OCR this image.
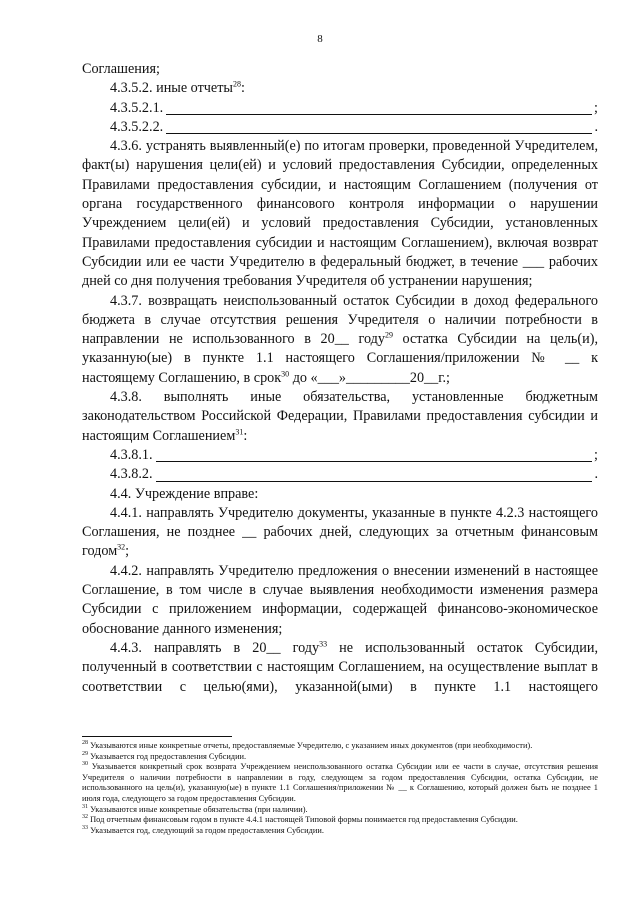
8

Соглашения;

4.3.5.2. иные отчеты$^{28}$:

4.3.5.2.1.	;
4.3.5.2.2.	.

4.3.6. устранять выявленный(е) по итогам проверки, проведенной Учредителем, факт(ы) нарушения цели(ей) и условий предоставления Субсидии, определенных Правилами предоставления субсидии, и настоящим Соглашением (получения от органа государственного финансового контроля информации о нарушении Учреждением цели(ей) и условий предоставления Субсидии, установленных Правилами предоставления субсидии и настоящим Соглашением), включая возврат Субсидии или ее части Учредителю в федеральный бюджет, в течение ___ рабочих дней со дня получения требования Учредителя об устранении нарушения;

4.3.7. возвращать неиспользованный остаток Субсидии в доход федерального бюджета в случае отсутствия решения Учредителя о наличии потребности в направлении не использованного в 20__ году$^{29}$ остатка Субсидии на цель(и), указанную(ые) в пункте 1.1 настоящего Соглашения/приложении № __ к настоящему Соглашению, в срок$^{30}$ до «___»_________20__г.;

4.3.8. выполнять иные обязательства, установленные бюджетным законодательством Российской Федерации, Правилами предоставления субсидии и настоящим Соглашением$^{31}$:

4.3.8.1.	;
4.3.8.2.	.

4.4. Учреждение вправе:

4.4.1. направлять Учредителю документы, указанные в пункте 4.2.3 настоящего Соглашения, не позднее __ рабочих дней, следующих за отчетным финансовым годом$^{32}$;

4.4.2. направлять Учредителю предложения о внесении изменений в настоящее Соглашение, в том числе в случае выявления необходимости изменения размера Субсидии с приложением информации, содержащей финансово-экономическое обоснование данного изменения;

4.4.3. направлять в 20__ году$^{33}$ не использованный остаток Субсидии, полученный в соответствии с настоящим Соглашением, на осуществление выплат в соответствии с целью(ями), указанной(ыми) в пункте 1.1 настоящего

$^{28}$ Указываются иные конкретные отчеты, предоставляемые Учредителю, с указанием иных документов (при необходимости).

$^{29}$ Указывается год предоставления Субсидии.

$^{30}$ Указывается конкретный срок возврата Учреждением неиспользованного остатка Субсидии или ее части в случае, отсутствия решения Учредителя о наличии потребности в направлении в году, следующем за годом предоставления Субсидии, остатка Субсидии, не использованного на цель(и), указанную(ые) в пункте 1.1 Соглашения/приложении № __ к Соглашению, который должен быть не позднее 1 июля года, следующего за годом предоставления Субсидии.

$^{31}$ Указываются иные конкретные обязательства (при наличии).

$^{32}$ Под отчетным финансовым годом в пункте 4.4.1 настоящей Типовой формы понимается год предоставления Субсидии.

$^{33}$ Указывается год, следующий за годом предоставления Субсидии.
